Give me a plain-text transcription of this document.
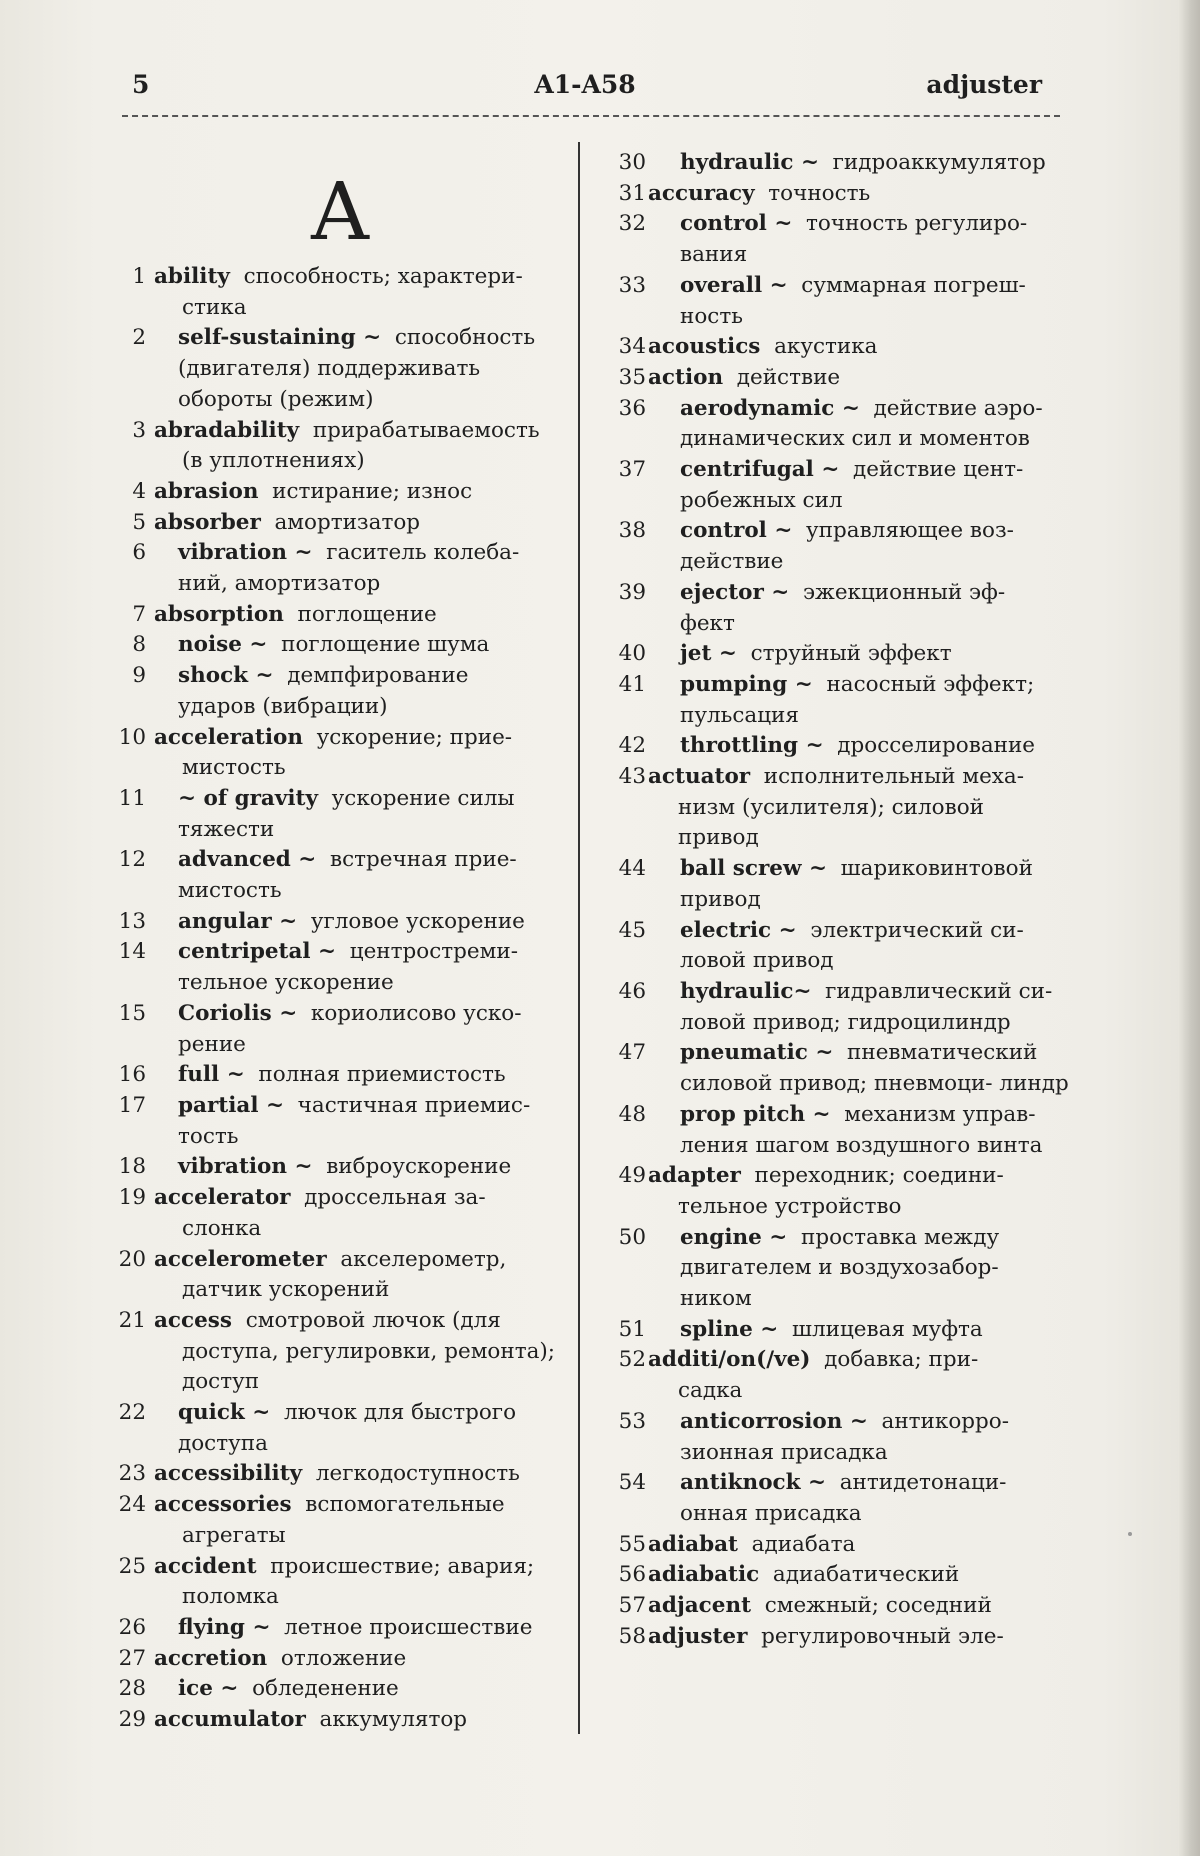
5	A1-A58	adjuster
A
1 ability способность; характери-
стика
2 self-sustaining ~ способность
(двигателя) поддерживать обороты (режим)
3 abradability прирабатываемость
(в уплотнениях)
4 abrasion истирание; износ
5 absorber амортизатор
6 vibration ~ гаситель колеба-
ний, амортизатор
7 absorption поглощение
8 noise ~ поглощение шума
9 shock ~ демпфирование
ударов (вибрации)
10 acceleration ускорение; прие-
мистость
11 ~ of gravity ускорение силы
тяжести
12 advanced ~ встречная прие-
мистость
13 angular ~ угловое ускорение
14 centripetal ~ центростреми-
тельное ускорение
15 Coriolis ~ кориолисово уско-
рение
16 full ~ полная приемистость
17 partial ~ частичная приемис-
тость
18 vibration ~ виброускорение
19 accelerator дроссельная за-
слонка
20 accelerometer акселерометр,
датчик ускорений
21 access смотровой лючок (для
доступа, регулировки, ремонта); доступ
22 quick ~ лючок для быстрого
доступа
23 accessibility легкодоступность
24 accessories вспомогательные
агрегаты
25 accident происшествие; авария;
поломка
26 flying ~ летное происшествие
27 accretion отложение
28 ice ~ обледенение
29 accumulator аккумулятор
30 hydraulic ~ гидроаккумулятор
31 accuracy точность
32 control ~ точность регулиро-
вания
33 overall ~ суммарная погреш-
ность
34 acoustics акустика
35 action действие
36 aerodynamic ~ действие аэро-
динамических сил и моментов
37 centrifugal ~ действие цент-
робежных сил
38 control ~ управляющее воз-
действие
39 ejector ~ эжекционный эф-
фект
40 jet ~ струйный эффект
41 pumping ~ насосный эффект;
пульсация
42 throttling ~ дросселирование
43 actuator исполнительный меха-
низм (усилителя); силовой привод
44 ball screw ~ шариковинтовой
привод
45 electric ~ электрический си-
ловой привод
46 hydraulic~ гидравлический си-
ловой привод; гидроцилиндр
47 pneumatic ~ пневматический
силовой привод; пневмоци- линдр
48 prop pitch ~ механизм управ-
ления шагом воздушного винта
49 adapter переходник; соедини-
тельное устройство
50 engine ~ проставка между
двигателем и воздухозабор- ником
51 spline ~ шлицевая муфта
52 additi/on(/ve) добавка; при-
садка
53 anticorrosion ~ антикорро-
зионная присадка
54 antiknock ~ антидетонаци-
онная присадка
55 adiabat адиабата
56 adiabatic адиабатический
57 adjacent смежный; соседний
58 adjuster регулировочный эле-
